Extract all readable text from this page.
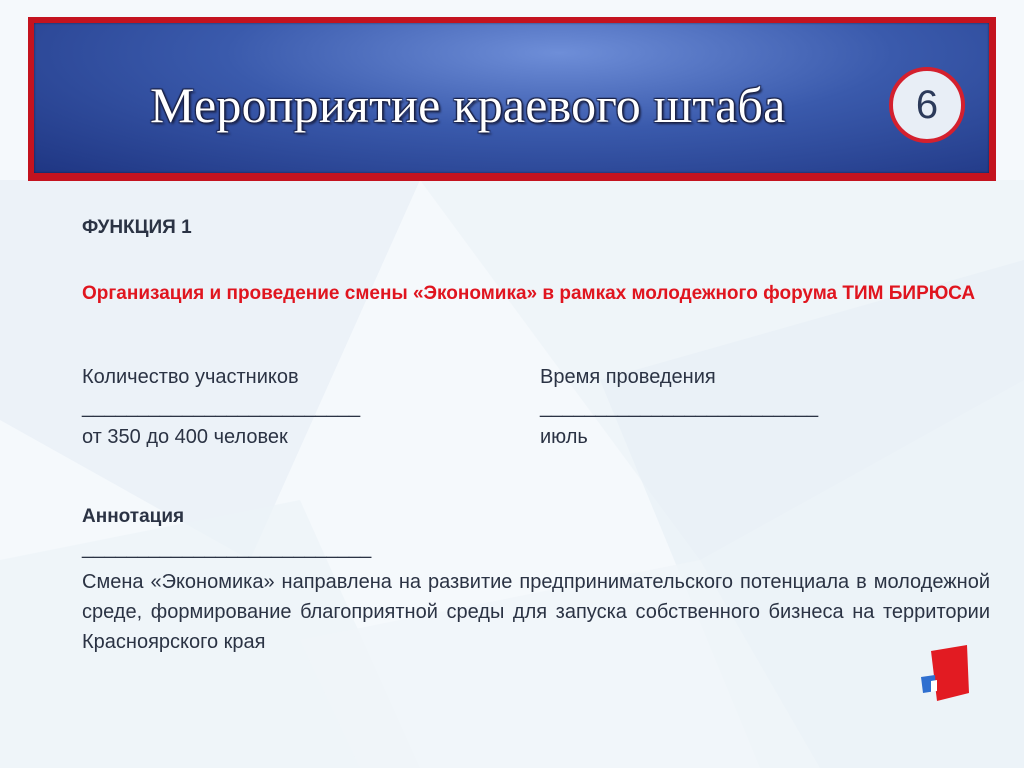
Мероприятие краевого штаба	6
ФУНКЦИЯ 1
Организация и проведение смены «Экономика» в рамках молодежного форума ТИМ БИРЮСА
Количество участников
_________________________
от 350 до 400 человек
Время проведения
_________________________
июль
Аннотация
__________________________
Смена «Экономика» направлена на развитие предпринимательского потенциала в молодежной среде, формирование благоприятной среды для запуска собственного бизнеса на территории Красноярского края
